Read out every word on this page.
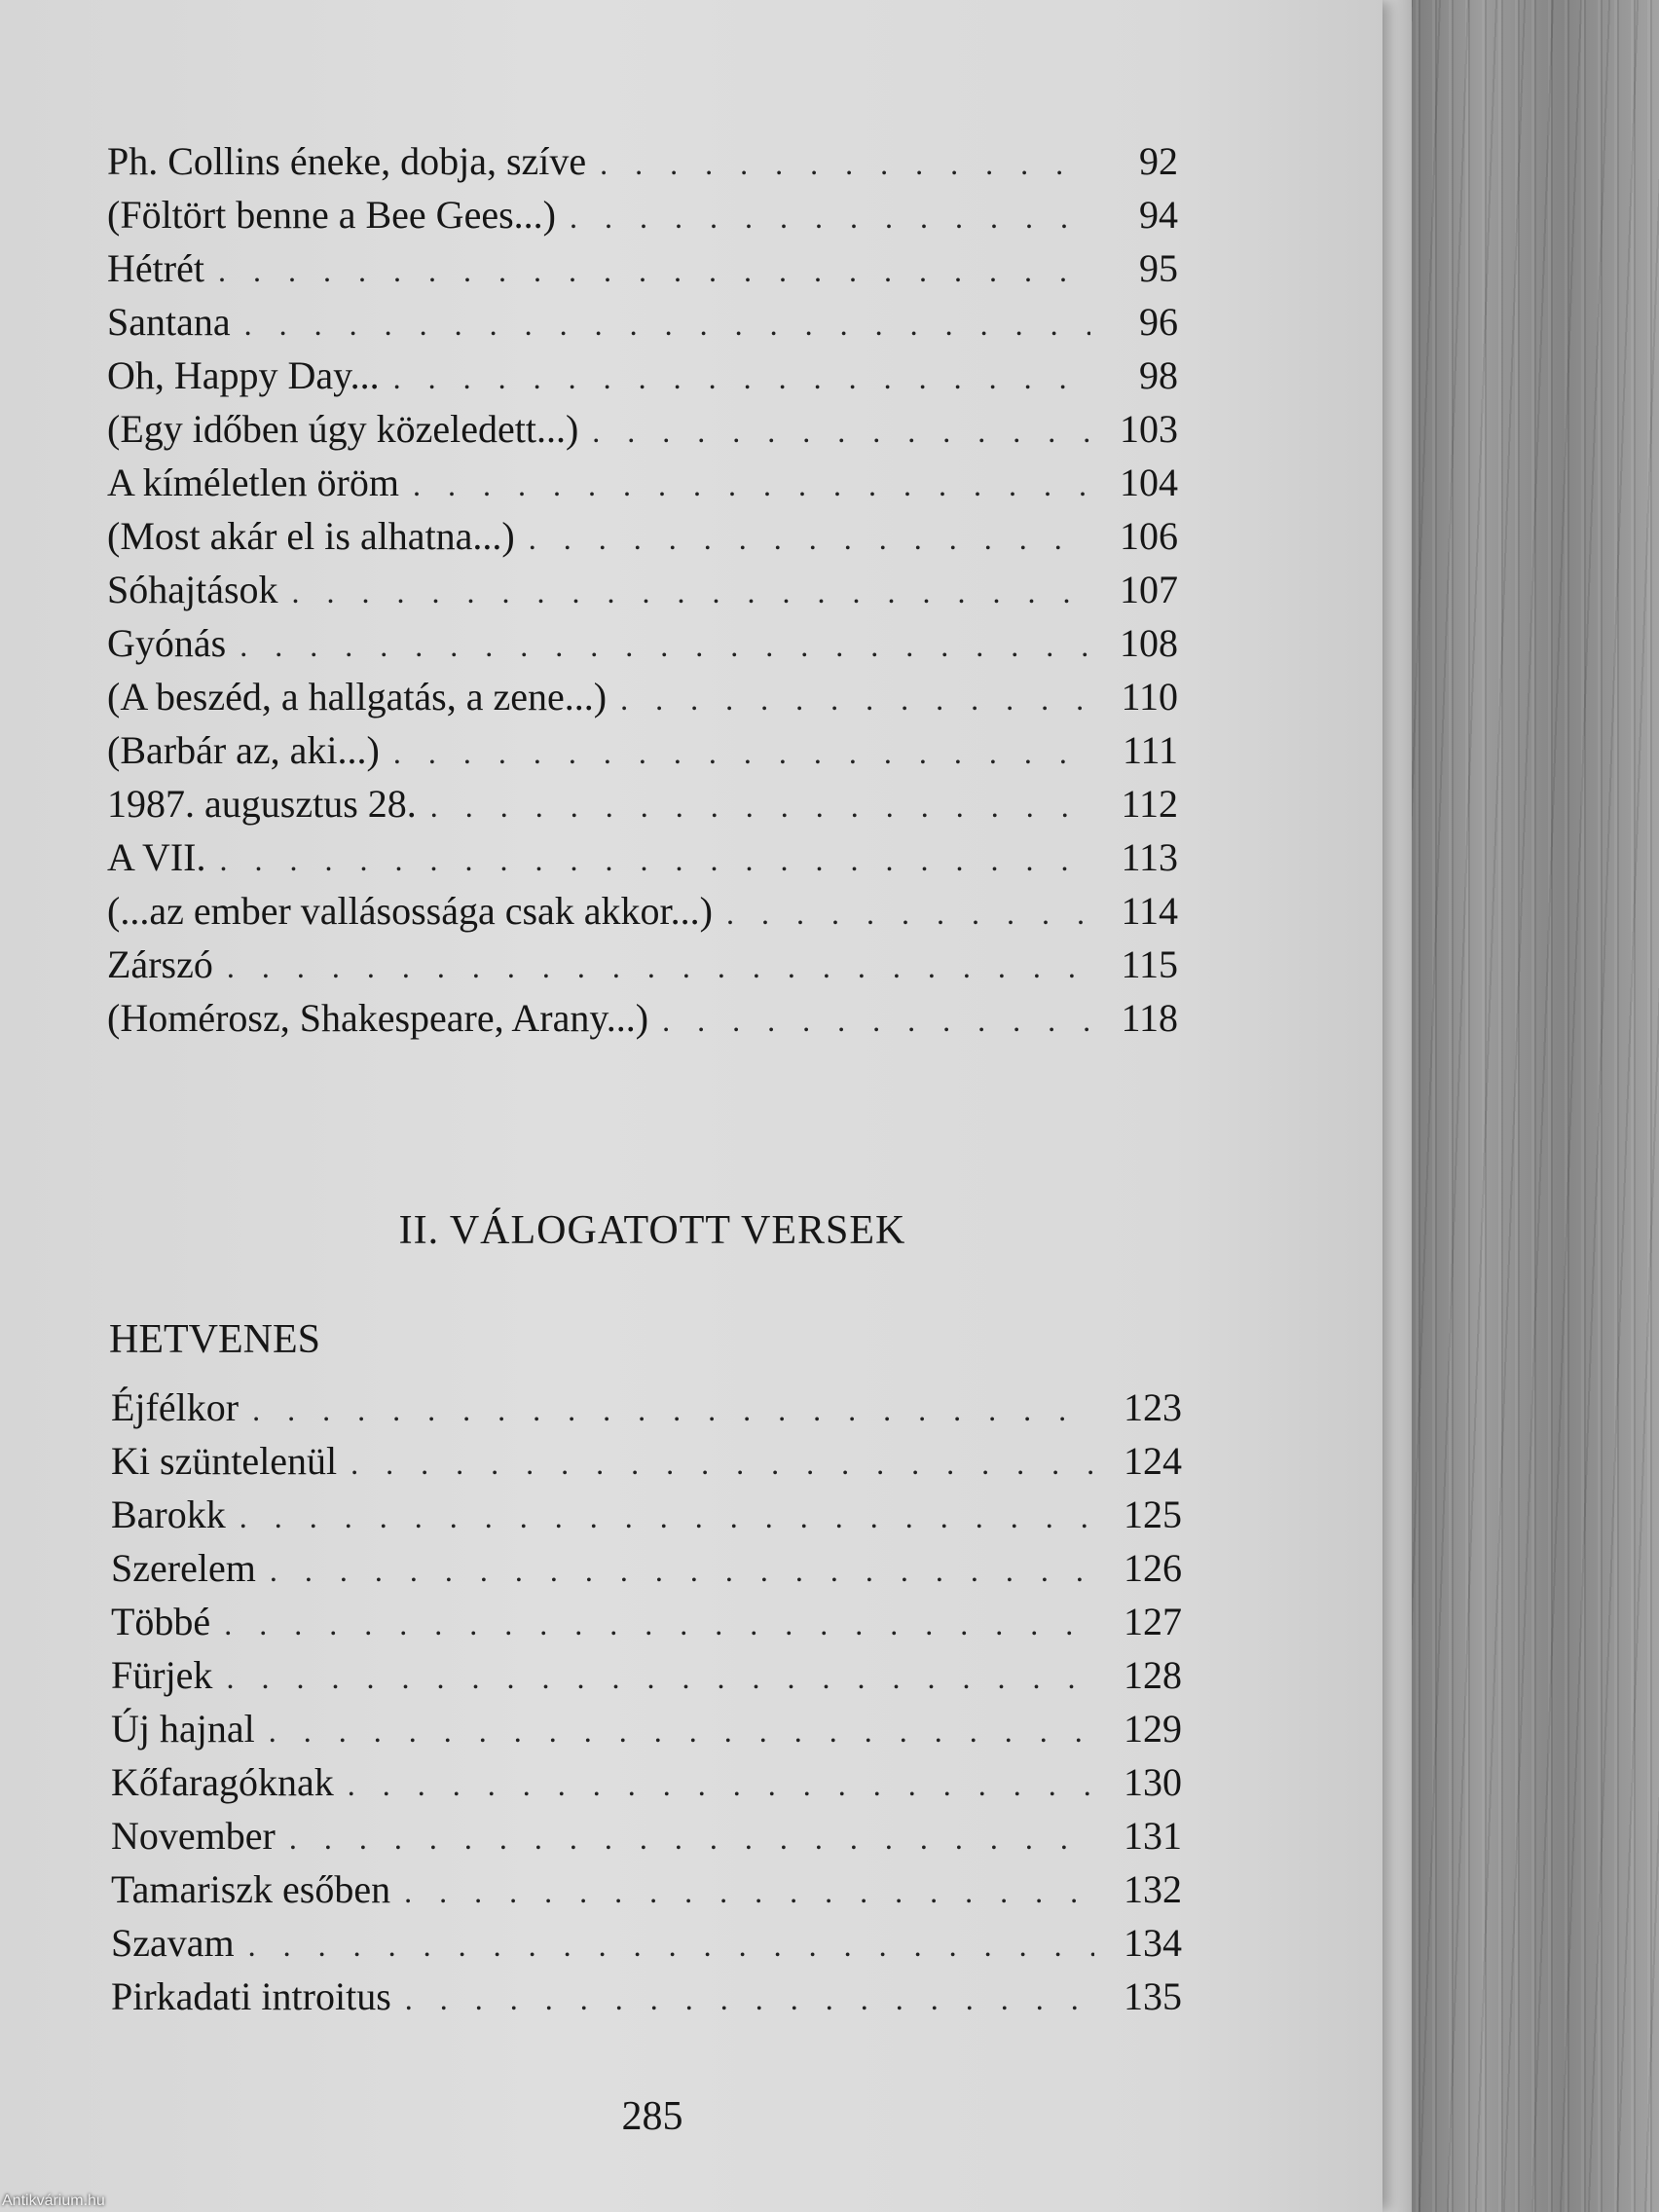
Ph. Collins éneke, dobja, szíve . . .	92
(Föltört benne a Bee Gees...) . . .	94
Hétrét . . .	95
Santana . . .	96
Oh, Happy Day... . . .	98
(Egy időben úgy közeledett...) . . .	103
A kíméletlen öröm . . .	104
(Most akár el is alhatna...) . . .	106
Sóhajtások . . .	107
Gyónás . . .	108
(A beszéd, a hallgatás, a zene...) . . .	110
(Barbár az, aki...) . . .	111
1987. augusztus 28. . . .	112
A VII. . . .	113
(...az ember vallásossága csak akkor...) . . .	114
Zárszó . . .	115
(Homérosz, Shakespeare, Arany...) . . .	118
II. VÁLOGATOTT VERSEK
HETVENES
Éjfélkor . . .	123
Ki szüntelenül . . .	124
Barokk . . .	125
Szerelem . . .	126
Többé . . .	127
Fürjek . . .	128
Új hajnal . . .	129
Kőfaragóknak . . .	130
November . . .	131
Tamariszk esőben . . .	132
Szavam . . .	134
Pirkadati introitus . . .	135
285
Antikvárium.hu
